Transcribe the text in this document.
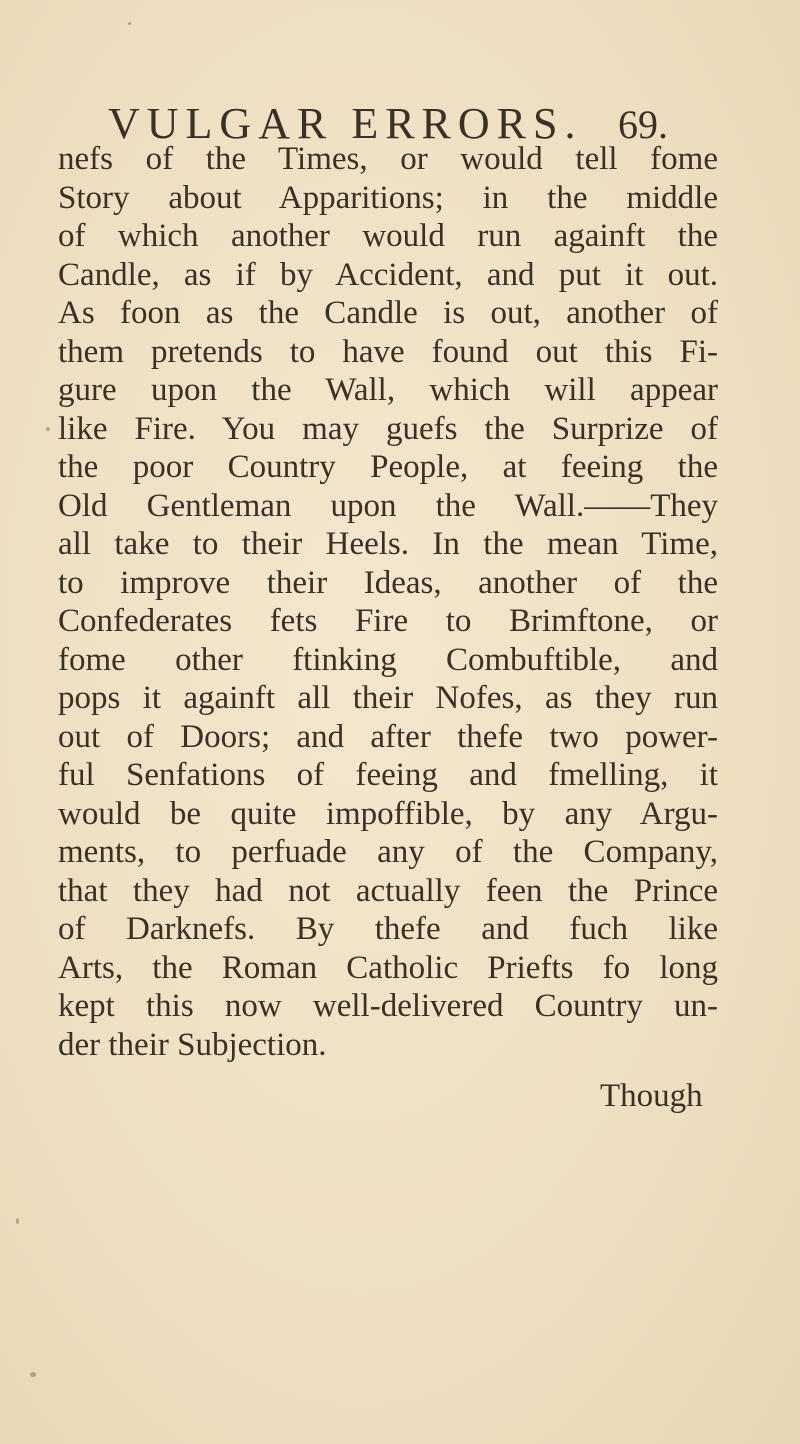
VULGAR ERRORS. 69.
nefs of the Times, or would tell fome
Story about Apparitions; in the middle
of which another would run againft the
Candle, as if by Accident, and put it out.
As foon as the Candle is out, another of
them pretends to have found out this Fi-
gure upon the Wall, which will appear
like Fire. You may guefs the Surprize of
the poor Country People, at feeing the
Old Gentleman upon the Wall.——They
all take to their Heels. In the mean Time,
to improve their Ideas, another of the
Confederates fets Fire to Brimftone, or
fome other ftinking Combuftible, and
pops it againft all their Nofes, as they run
out of Doors; and after thefe two power-
ful Senfations of feeing and fmelling, it
would be quite impoffible, by any Argu-
ments, to perfuade any of the Company,
that they had not actually feen the Prince
of Darknefs. By thefe and fuch like
Arts, the Roman Catholic Priefts fo long
kept this now well-delivered Country un-
der their Subjection.
Though
